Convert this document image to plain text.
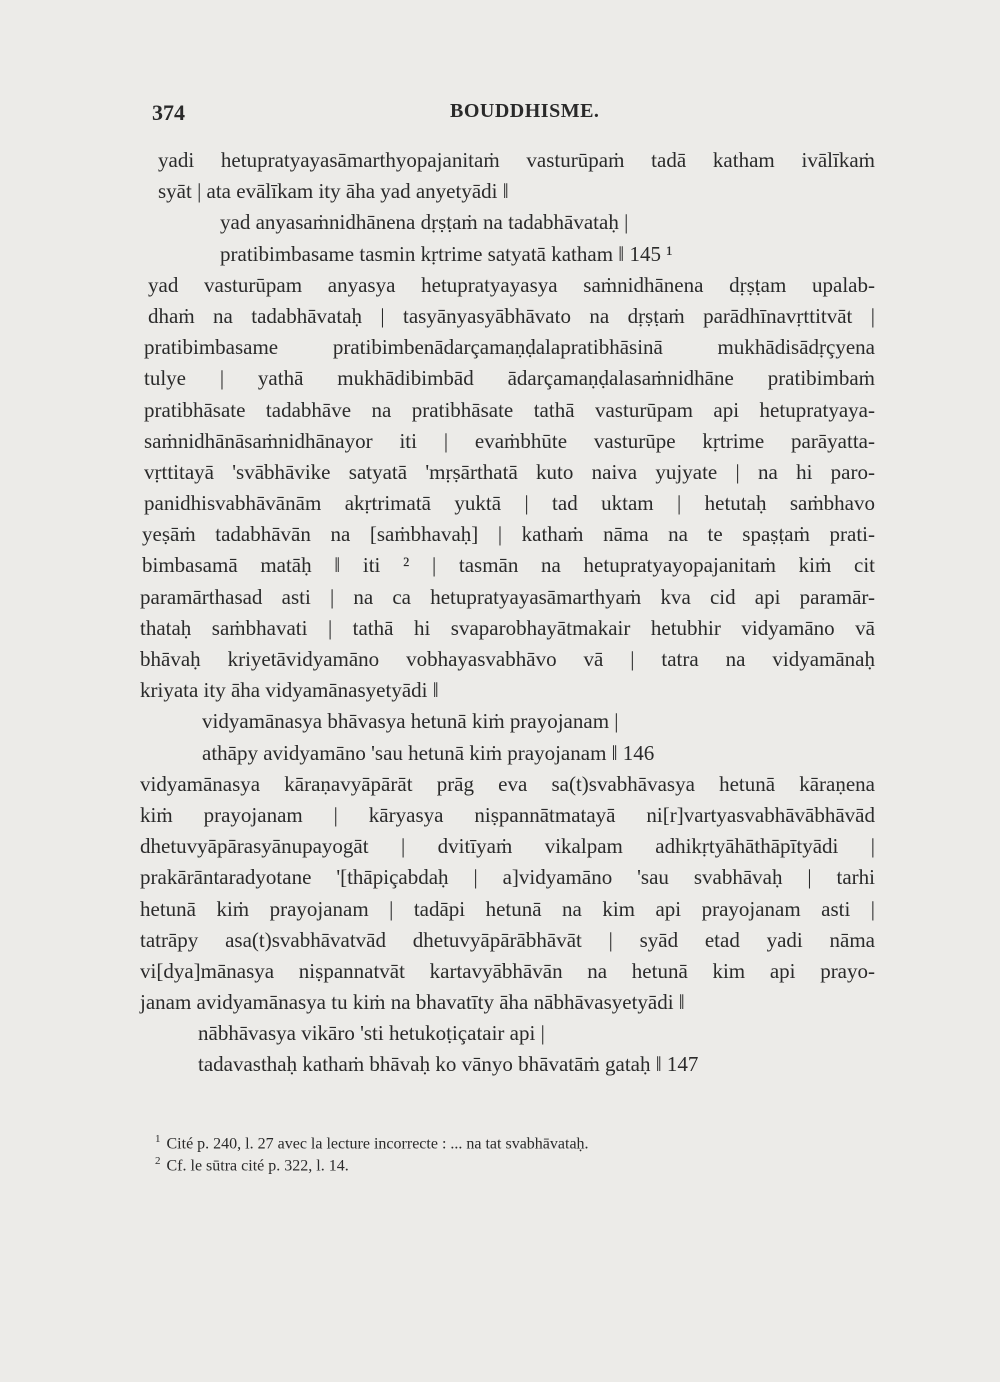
374	BOUDDHISME.
yadi hetupratyayasāmarthyopajanitaṁ vasturūpaṁ tadā katham ivālīkaṁ
syāt | ata evālīkam ity āha yad anyetyādi ‖
yad anyasaṁnidhānena dṛṣṭaṁ na tadabhāvataḥ |
pratibimbasame tasmin kṛtrime satyatā katham ‖ 145 ¹
yad vasturūpam anyasya hetupratyayasya saṁnidhānena dṛṣṭam upalab-
dhaṁ na tadabhāvataḥ | tasyānyasyābhāvato na dṛṣṭaṁ parādhīnavṛttitvāt |
pratibimbasame pratibimbenādarçamaṇḍalapratibhāsinā mukhādisādṛçyena
tulye | yathā mukhādibimbād ādarçamaṇḍalasaṁnidhāne pratibimbaṁ
pratibhāsate tadabhāve na pratibhāsate tathā vasturūpam api hetupratyaya-
saṁnidhānāsaṁnidhānayor iti | evaṁbhūte vasturūpe kṛtrime parāyatta-
vṛttitayā 'svābhāvike satyatā 'mṛṣārthatā kuto naiva yujyate | na hi paro-
panidhisvabhāvānām akṛtrimatā yuktā | tad uktam | hetutaḥ saṁbhavo
yeṣāṁ tadabhāvān na [saṁbhavaḥ] | kathaṁ nāma na te spaṣṭaṁ prati-
bimbasamā matāḥ ‖ iti ² | tasmān na hetupratyayopajanitaṁ kiṁ cit
paramārthasad asti | na ca hetupratyayasāmarthyaṁ kva cid api paramār-
thataḥ saṁbhavati | tathā hi svaparobhayātmakair hetubhir vidyamāno vā
bhāvaḥ kriyetāvidyamāno vobhayasvabhāvo vā | tatra na vidyamānaḥ
kriyata ity āha vidyamānasyetyādi ‖
vidyamānasya bhāvasya hetunā kiṁ prayojanam |
athāpy avidyamāno 'sau hetunā kiṁ prayojanam ‖ 146
vidyamānasya kāraṇavyāpārāt prāg eva sa(t)svabhāvasya hetunā kāraṇena
kiṁ prayojanam | kāryasya niṣpannātmatayā ni[r]vartyasvabhāvābhāvād
dhetuvyāpārasyānupayogāt | dvitīyaṁ vikalpam adhikṛtyāhāthāpītyādi |
prakārāntaradyotane '[thāpiçabdaḥ | a]vidyamāno 'sau svabhāvaḥ | tarhi
hetunā kiṁ prayojanam | tadāpi hetunā na kim api prayojanam asti |
tatrāpy asa(t)svabhāvatvād dhetuvyāpārābhāvāt | syād etad yadi nāma
vi[dya]mānasya niṣpannatvāt kartavyābhāvān na hetunā kim api prayo-
janam avidyamānasya tu kiṁ na bhavatīty āha nābhāvasyetyādi ‖
nābhāvasya vikāro 'sti hetukoṭiçatair api |
tadavasthaḥ kathaṁ bhāvaḥ ko vānyo bhāvatāṁ gataḥ ‖ 147
$^1$ Cité p. 240, l. 27 avec la lecture incorrecte : ... na tat svabhāvataḥ.
$^2$ Cf. le sūtra cité p. 322, l. 14.
